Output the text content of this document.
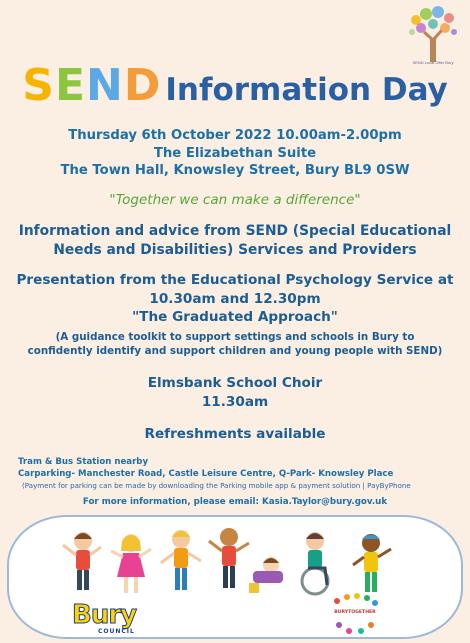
SEND Local Offer Bury
SEND Information Day
Thursday 6th October 2022 10.00am-2.00pm
The Elizabethan Suite
The Town Hall, Knowsley Street, Bury BL9 0SW
"Together we can make a difference"
Information and advice from SEND (Special Educational
Needs and Disabilities) Services and Providers
Presentation from the Educational Psychology Service at
10.30am and 12.30pm
"The Graduated Approach"
(A guidance toolkit to support settings and schools in Bury to
confidently identify and support children and young people with SEND)
Elmsbank School Choir
11.30am
Refreshments available
Tram & Bus Station nearby
Carparking- Manchester Road, Castle Leisure Centre, Q-Park- Knowsley Place
(Payment for parking can be made by downloading the Parking mobile app & payment solution | PayByPhone
For more information, please email: Kasia.Taylor@bury.gov.uk
Bury
COUNCIL
BURYTOGETHER
